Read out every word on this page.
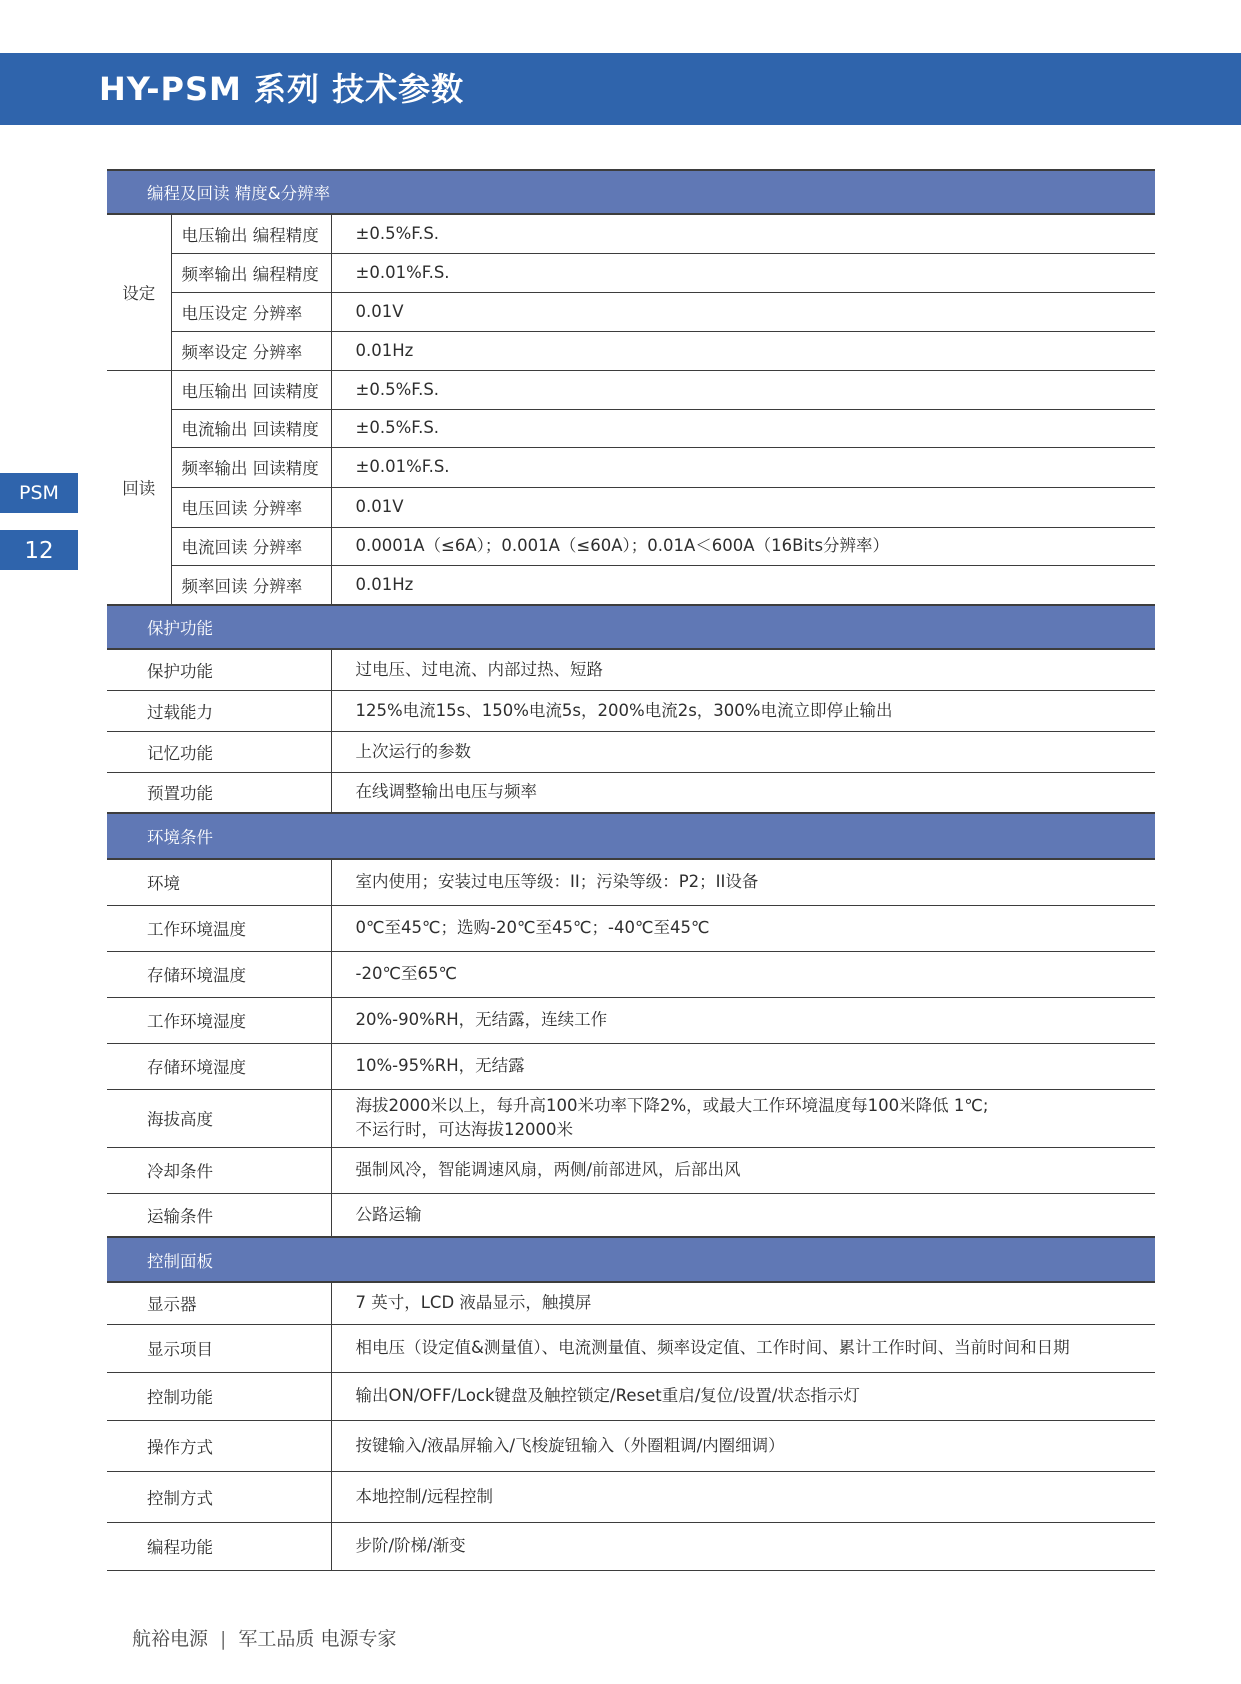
HY-PSM 系列 技术参数
PSM
12
编程及回读 精度&分辨率		
设定	电压输出 编程精度	±0.5%F.S.
	频率输出 编程精度	±0.01%F.S.
	电压设定 分辨率	0.01V
	频率设定 分辨率	0.01Hz
回读	电压输出 回读精度	±0.5%F.S.
	电流输出 回读精度	±0.5%F.S.
	频率输出 回读精度	±0.01%F.S.
	电压回读 分辨率	0.01V
	电流回读 分辨率	0.0001A（≤6A）；0.001A（≤60A）；0.01A＜600A（16Bits分辨率）
	频率回读 分辨率	0.01Hz
保护功能		
保护功能		过电压、过电流、内部过热、短路
过载能力		125%电流15s、150%电流5s，200%电流2s，300%电流立即停止输出
记忆功能		上次运行的参数
预置功能		在线调整输出电压与频率
环境条件		
环境		室内使用；安装过电压等级：II；污染等级：P2；II设备
工作环境温度		0℃至45℃；选购-20℃至45℃；-40℃至45℃
存储环境温度		-20℃至65℃
工作环境湿度		20%-90%RH，无结露，连续工作
存储环境湿度		10%-95%RH，无结露
海拔高度		海拔2000米以上，每升高100米功率下降2%，或最大工作环境温度每100米降低 1℃;
不运行时，可达海拔12000米

冷却条件		强制风冷，智能调速风扇，两侧/前部进风，后部出风
运输条件		公路运输
控制面板		
显示器		7 英寸，LCD 液晶显示，触摸屏
显示项目		相电压（设定值&测量值）、电流测量值、频率设定值、工作时间、累计工作时间、当前时间和日期
控制功能		输出ON/OFF/Lock键盘及触控锁定/Reset重启/复位/设置/状态指示灯
操作方式		按键输入/液晶屏输入/飞梭旋钮输入（外圈粗调/内圈细调）
控制方式		本地控制/远程控制
编程功能		步阶/阶梯/渐变
航裕电源 | 军工品质 电源专家
